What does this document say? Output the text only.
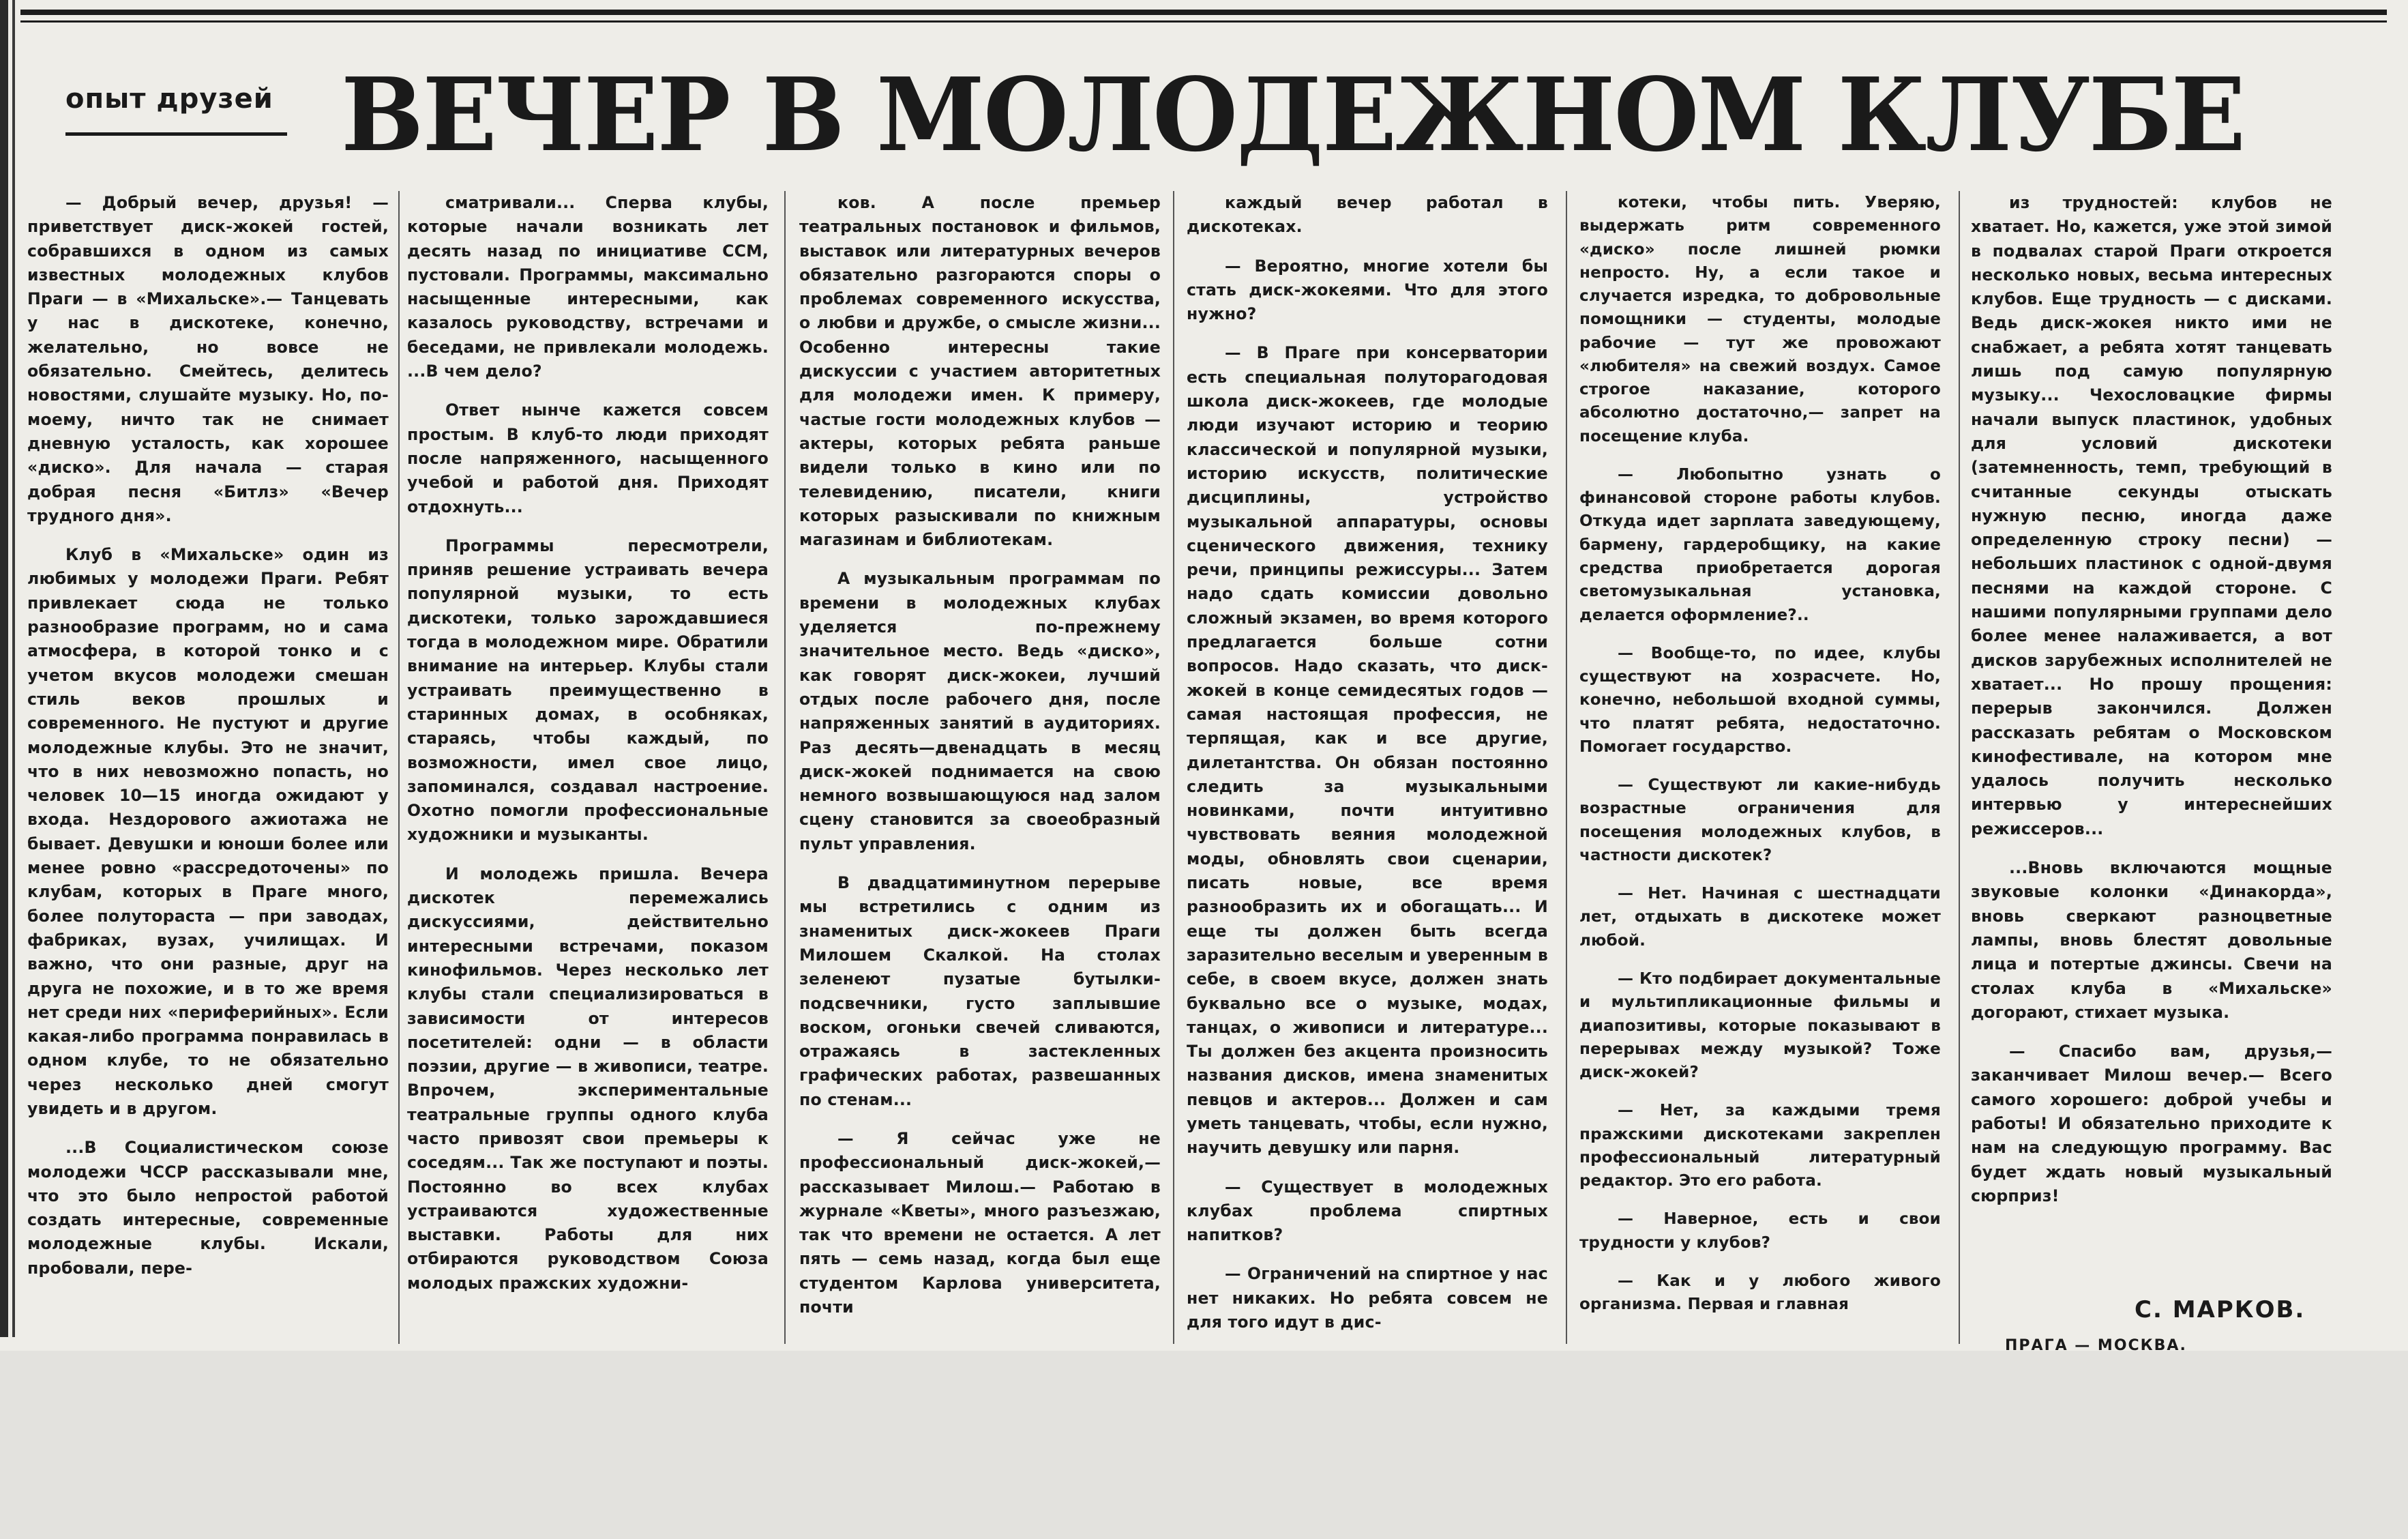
опыт друзей ВЕЧЕР В МОЛОДЕЖНОМ КЛУБЕ

— Добрый вечер, друзья! — приветствует диск-жокей гостей, собравшихся в одном из самых известных молодежных клубов Праги — в «Михальске».— Танцевать у нас в дискотеке, конечно, желательно, но вовсе не обязательно. Смейтесь, делитесь новостями, слушайте музыку. Но, по-моему, ничто так не снимает дневную усталость, как хорошее «диско». Для начала — старая добрая песня «Битлз» «Вечер трудного дня».

Клуб в «Михальске» один из любимых у молодежи Праги. Ребят привлекает сюда не только разнообразие программ, но и сама атмосфера, в которой тонко и с учетом вкусов молодежи смешан стиль веков прошлых и современного. Не пустуют и другие молодежные клубы. Это не значит, что в них невозможно попасть, но человек 10—15 иногда ожидают у входа. Нездорового ажиотажа не бывает. Девушки и юноши более или менее ровно «рассредоточены» по клубам, которых в Праге много, более полутораста — при заводах, фабриках, вузах, училищах. И важно, что они разные, друг на друга не похожие, и в то же время нет среди них «периферийных». Если какая-либо программа понравилась в одном клубе, то не обязательно через несколько дней смогут увидеть и в другом.

...В Социалистическом союзе молодежи ЧССР рассказывали мне, что это было непростой работой создать интересные, современные молодежные клубы. Искали, пробовали, пере-

сматривали... Сперва клубы, которые начали возникать лет десять назад по инициативе ССМ, пустовали. Программы, максимально насыщенные интересными, как казалось руководству, встречами и беседами, не привлекали молодежь. ...В чем дело?

Ответ нынче кажется совсем простым. В клуб-то люди приходят после напряженного, насыщенного учебой и работой дня. Приходят отдохнуть...

Программы пересмотрели, приняв решение устраивать вечера популярной музыки, то есть дискотеки, только зарождавшиеся тогда в молодежном мире. Обратили внимание на интерьер. Клубы стали устраивать преимущественно в старинных домах, в особняках, стараясь, чтобы каждый, по возможности, имел свое лицо, запоминался, создавал настроение. Охотно помогли профессиональные художники и музыканты.

И молодежь пришла. Вечера дискотек перемежались дискуссиями, действительно интересными встречами, показом кинофильмов. Через несколько лет клубы стали специализироваться в зависимости от интересов посетителей: одни — в области поэзии, другие — в живописи, театре. Впрочем, экспериментальные театральные группы одного клуба часто привозят свои премьеры к соседям... Так же поступают и поэты. Постоянно во всех клубах устраиваются художественные выставки. Работы для них отбираются руководством Союза молодых пражских художни-

ков. А после премьер театральных постановок и фильмов, выставок или литературных вечеров обязательно разгораются споры о проблемах современного искусства, о любви и дружбе, о смысле жизни... Особенно интересны такие дискуссии с участием авторитетных для молодежи имен. К примеру, частые гости молодежных клубов — актеры, которых ребята раньше видели только в кино или по телевидению, писатели, книги которых разыскивали по книжным магазинам и библиотекам.

А музыкальным программам по времени в молодежных клубах уделяется по-прежнему значительное место. Ведь «диско», как говорят диск-жокеи, лучший отдых после рабочего дня, после напряженных занятий в аудиториях. Раз десять—двенадцать в месяц диск-жокей поднимается на свою немного возвышающуюся над залом сцену становится за своеобразный пульт управления.

В двадцатиминутном перерыве мы встретились с одним из знаменитых диск-жокеев Праги Милошем Скалкой. На столах зеленеют пузатые бутылки-подсвечники, густо заплывшие воском, огоньки свечей сливаются, отражаясь в застекленных графических работах, развешанных по стенам...

— Я сейчас уже не профессиональный диск-жокей,— рассказывает Милош.— Работаю в журнале «Кветы», много разъезжаю, так что времени не остается. А лет пять — семь назад, когда был еще студентом Карлова университета, почти

каждый вечер работал в дискотеках.

— Вероятно, многие хотели бы стать диск-жокеями. Что для этого нужно?

— В Праге при консерватории есть специальная полуторагодовая школа диск-жокеев, где молодые люди изучают историю и теорию классической и популярной музыки, историю искусств, политические дисциплины, устройство музыкальной аппаратуры, основы сценического движения, технику речи, принципы режиссуры... Затем надо сдать комиссии довольно сложный экзамен, во время которого предлагается больше сотни вопросов. Надо сказать, что диск-жокей в конце семидесятых годов — самая настоящая профессия, не терпящая, как и все другие, дилетантства. Он обязан постоянно следить за музыкальными новинками, почти интуитивно чувствовать веяния молодежной моды, обновлять свои сценарии, писать новые, все время разнообразить их и обогащать... И еще ты должен быть всегда заразительно веселым и уверенным в себе, в своем вкусе, должен знать буквально все о музыке, модах, танцах, о живописи и литературе... Ты должен без акцента произносить названия дисков, имена знаменитых певцов и актеров... Должен и сам уметь танцевать, чтобы, если нужно, научить девушку или парня.

— Существует в молодежных клубах проблема спиртных напитков?

— Ограничений на спиртное у нас нет никаких. Но ребята совсем не для того идут в дис-

котеки, чтобы пить. Уверяю, выдержать ритм современного «диско» после лишней рюмки непросто. Ну, а если такое и случается изредка, то добровольные помощники — студенты, молодые рабочие — тут же провожают «любителя» на свежий воздух. Самое строгое наказание, которого абсолютно достаточно,— запрет на посещение клуба.

— Любопытно узнать о финансовой стороне работы клубов. Откуда идет зарплата заведующему, бармену, гардеробщику, на какие средства приобретается дорогая светомузыкальная установка, делается оформление?..

— Вообще-то, по идее, клубы существуют на хозрасчете. Но, конечно, небольшой входной суммы, что платят ребята, недостаточно. Помогает государство.

— Существуют ли какие-нибудь возрастные ограничения для посещения молодежных клубов, в частности дискотек?

— Нет. Начиная с шестнадцати лет, отдыхать в дискотеке может любой.

— Кто подбирает документальные и мультипликационные фильмы и диапозитивы, которые показывают в перерывах между музыкой? Тоже диск-жокей?

— Нет, за каждыми тремя пражскими дискотеками закреплен профессиональный литературный редактор. Это его работа.

— Наверное, есть и свои трудности у клубов?

— Как и у любого живого организма. Первая и главная

из трудностей: клубов не хватает. Но, кажется, уже этой зимой в подвалах старой Праги откроется несколько новых, весьма интересных клубов. Еще трудность — с дисками. Ведь диск-жокея никто ими не снабжает, а ребята хотят танцевать лишь под самую популярную музыку... Чехословацкие фирмы начали выпуск пластинок, удобных для условий дискотеки (затемненность, темп, требующий в считанные секунды отыскать нужную песню, иногда даже определенную строку песни) — небольших пластинок с одной-двумя песнями на каждой стороне. С нашими популярными группами дело более менее налаживается, а вот дисков зарубежных исполнителей не хватает... Но прошу прощения: перерыв закончился. Должен рассказать ребятам о Московском кинофестивале, на котором мне удалось получить несколько интервью у интереснейших режиссеров...

...Вновь включаются мощные звуковые колонки «Динакорда», вновь сверкают разноцветные лампы, вновь блестят довольные лица и потертые джинсы. Свечи на столах клуба в «Михальске» догорают, стихает музыка.

— Спасибо вам, друзья,— заканчивает Милош вечер.— Всего самого хорошего: доброй учебы и работы! И обязательно приходите к нам на следующую программу. Вас будет ждать новый музыкальный сюрприз!

С. МАРКОВ.
ПРАГА — МОСКВА.
